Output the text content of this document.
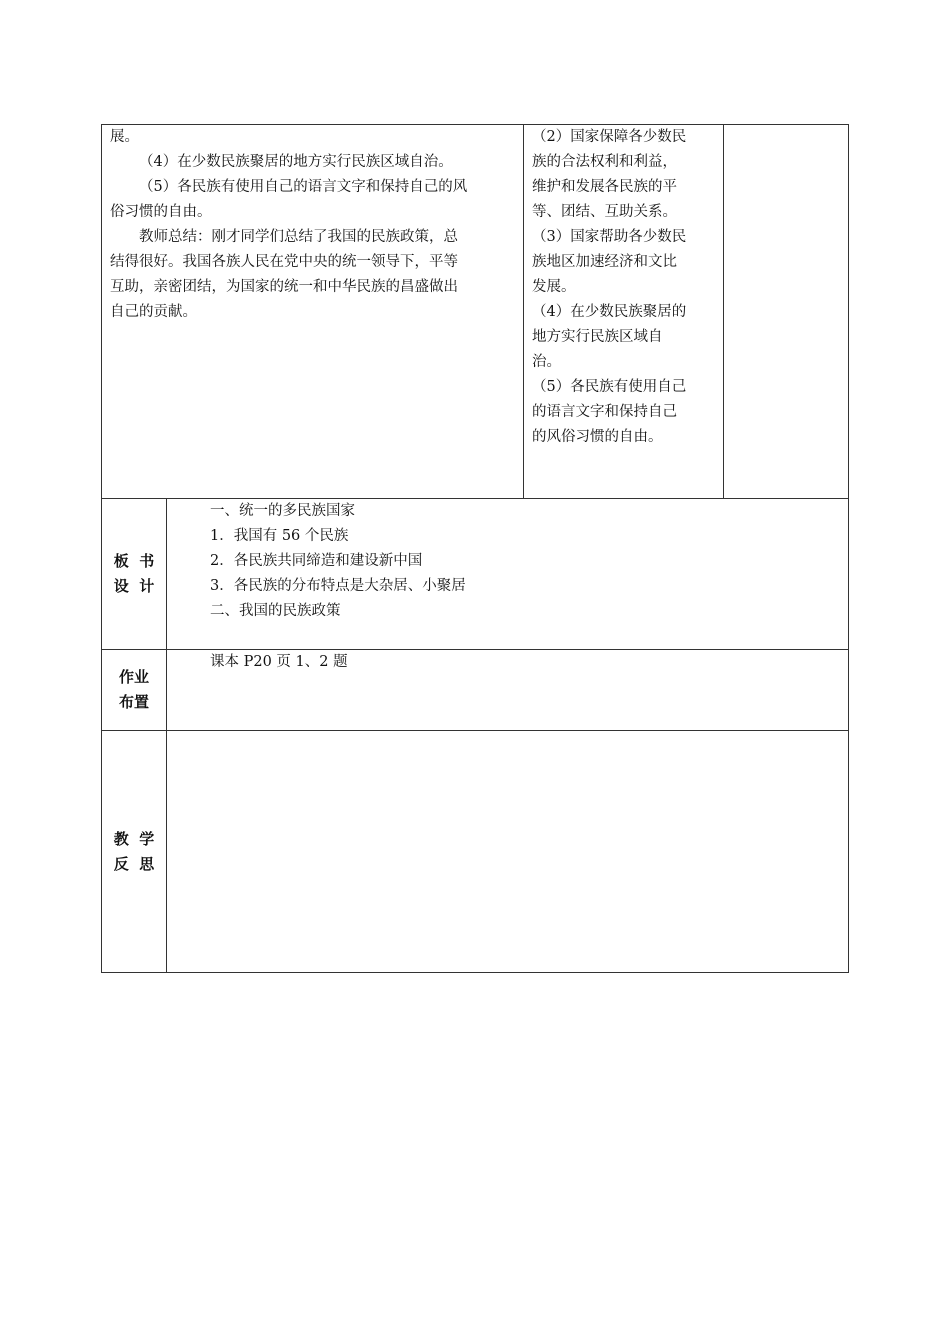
展。
（4）在少数民族聚居的地方实行民族区域自治。
（5）各民族有使用自己的语言文字和保持自己的风
俗习惯的自由。
教师总结：刚才同学们总结了我国的民族政策，总
结得很好。我国各族人民在党中央的统一领导下，平等
互助，亲密团结，为国家的统一和中华民族的昌盛做出
自己的贡献。
（2）国家保障各少数民
族的合法权利和利益，
维护和发展各民族的平
等、团结、互助关系。
（3）国家帮助各少数民
族地区加速经济和文比
发展。
（4）在少数民族聚居的
地方实行民族区域自
治。
（5）各民族有使用自己
的语言文字和保持自己
的风俗习惯的自由。
板  书
设  计
一、统一的多民族国家
1．我国有 56 个民族
2．各民族共同缔造和建设新中国
3．各民族的分布特点是大杂居、小聚居
二、我国的民族政策
作业
布置
课本 P20 页 1、2 题
教  学
反  思
